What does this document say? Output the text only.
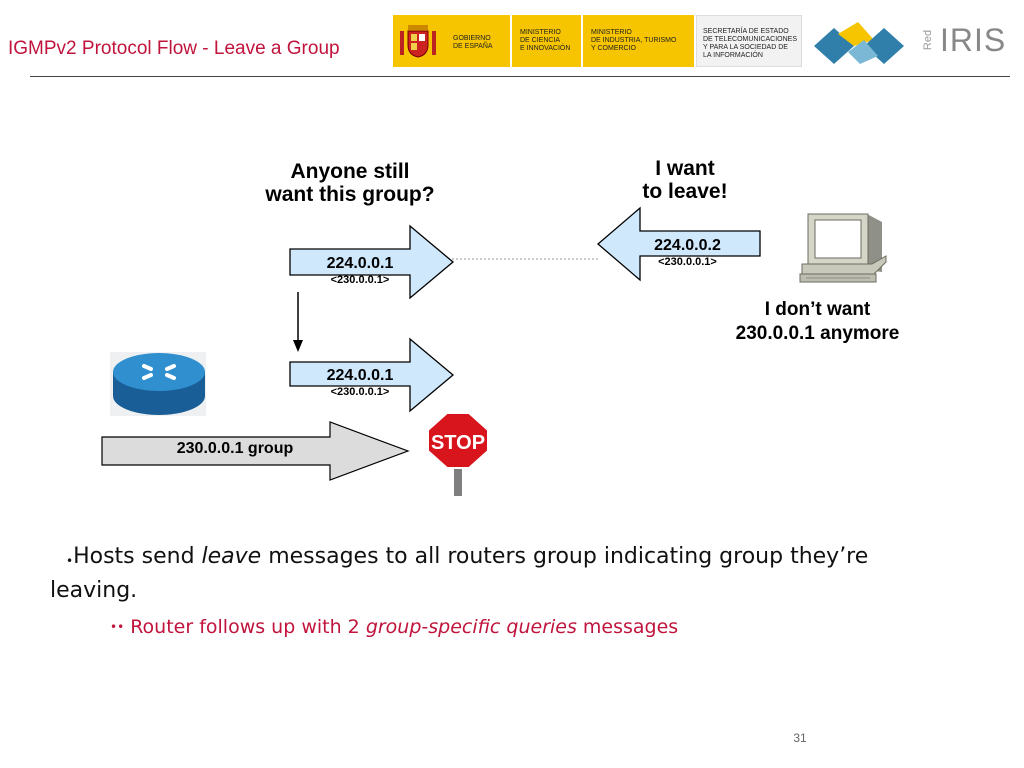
IGMPv2 Protocol Flow - Leave a Group	GOBIERNO
DE ESPAÑA
MINISTERIO
DE CIENCIA
E INNOVACIÓN
MINISTERIO
DE INDUSTRIA, TURISMO
Y COMERCIO
SECRETARÍA DE ESTADO
DE TELECOMUNICACIONES
Y PARA LA SOCIEDAD DE
LA INFORMACIÓN
Red IRIS
Anyone still
want this group?
I want
to leave!
STOP
224.0.0.1
<230.0.0.1>
224.0.0.2
<230.0.0.1>
224.0.0.1
<230.0.0.1>
230.0.0.1 group
I don’t want
230.0.0.1 anymore
•Hosts send leave messages to all routers group indicating group they’re leaving.
•• Router follows up with 2 group-specific queries messages
31
